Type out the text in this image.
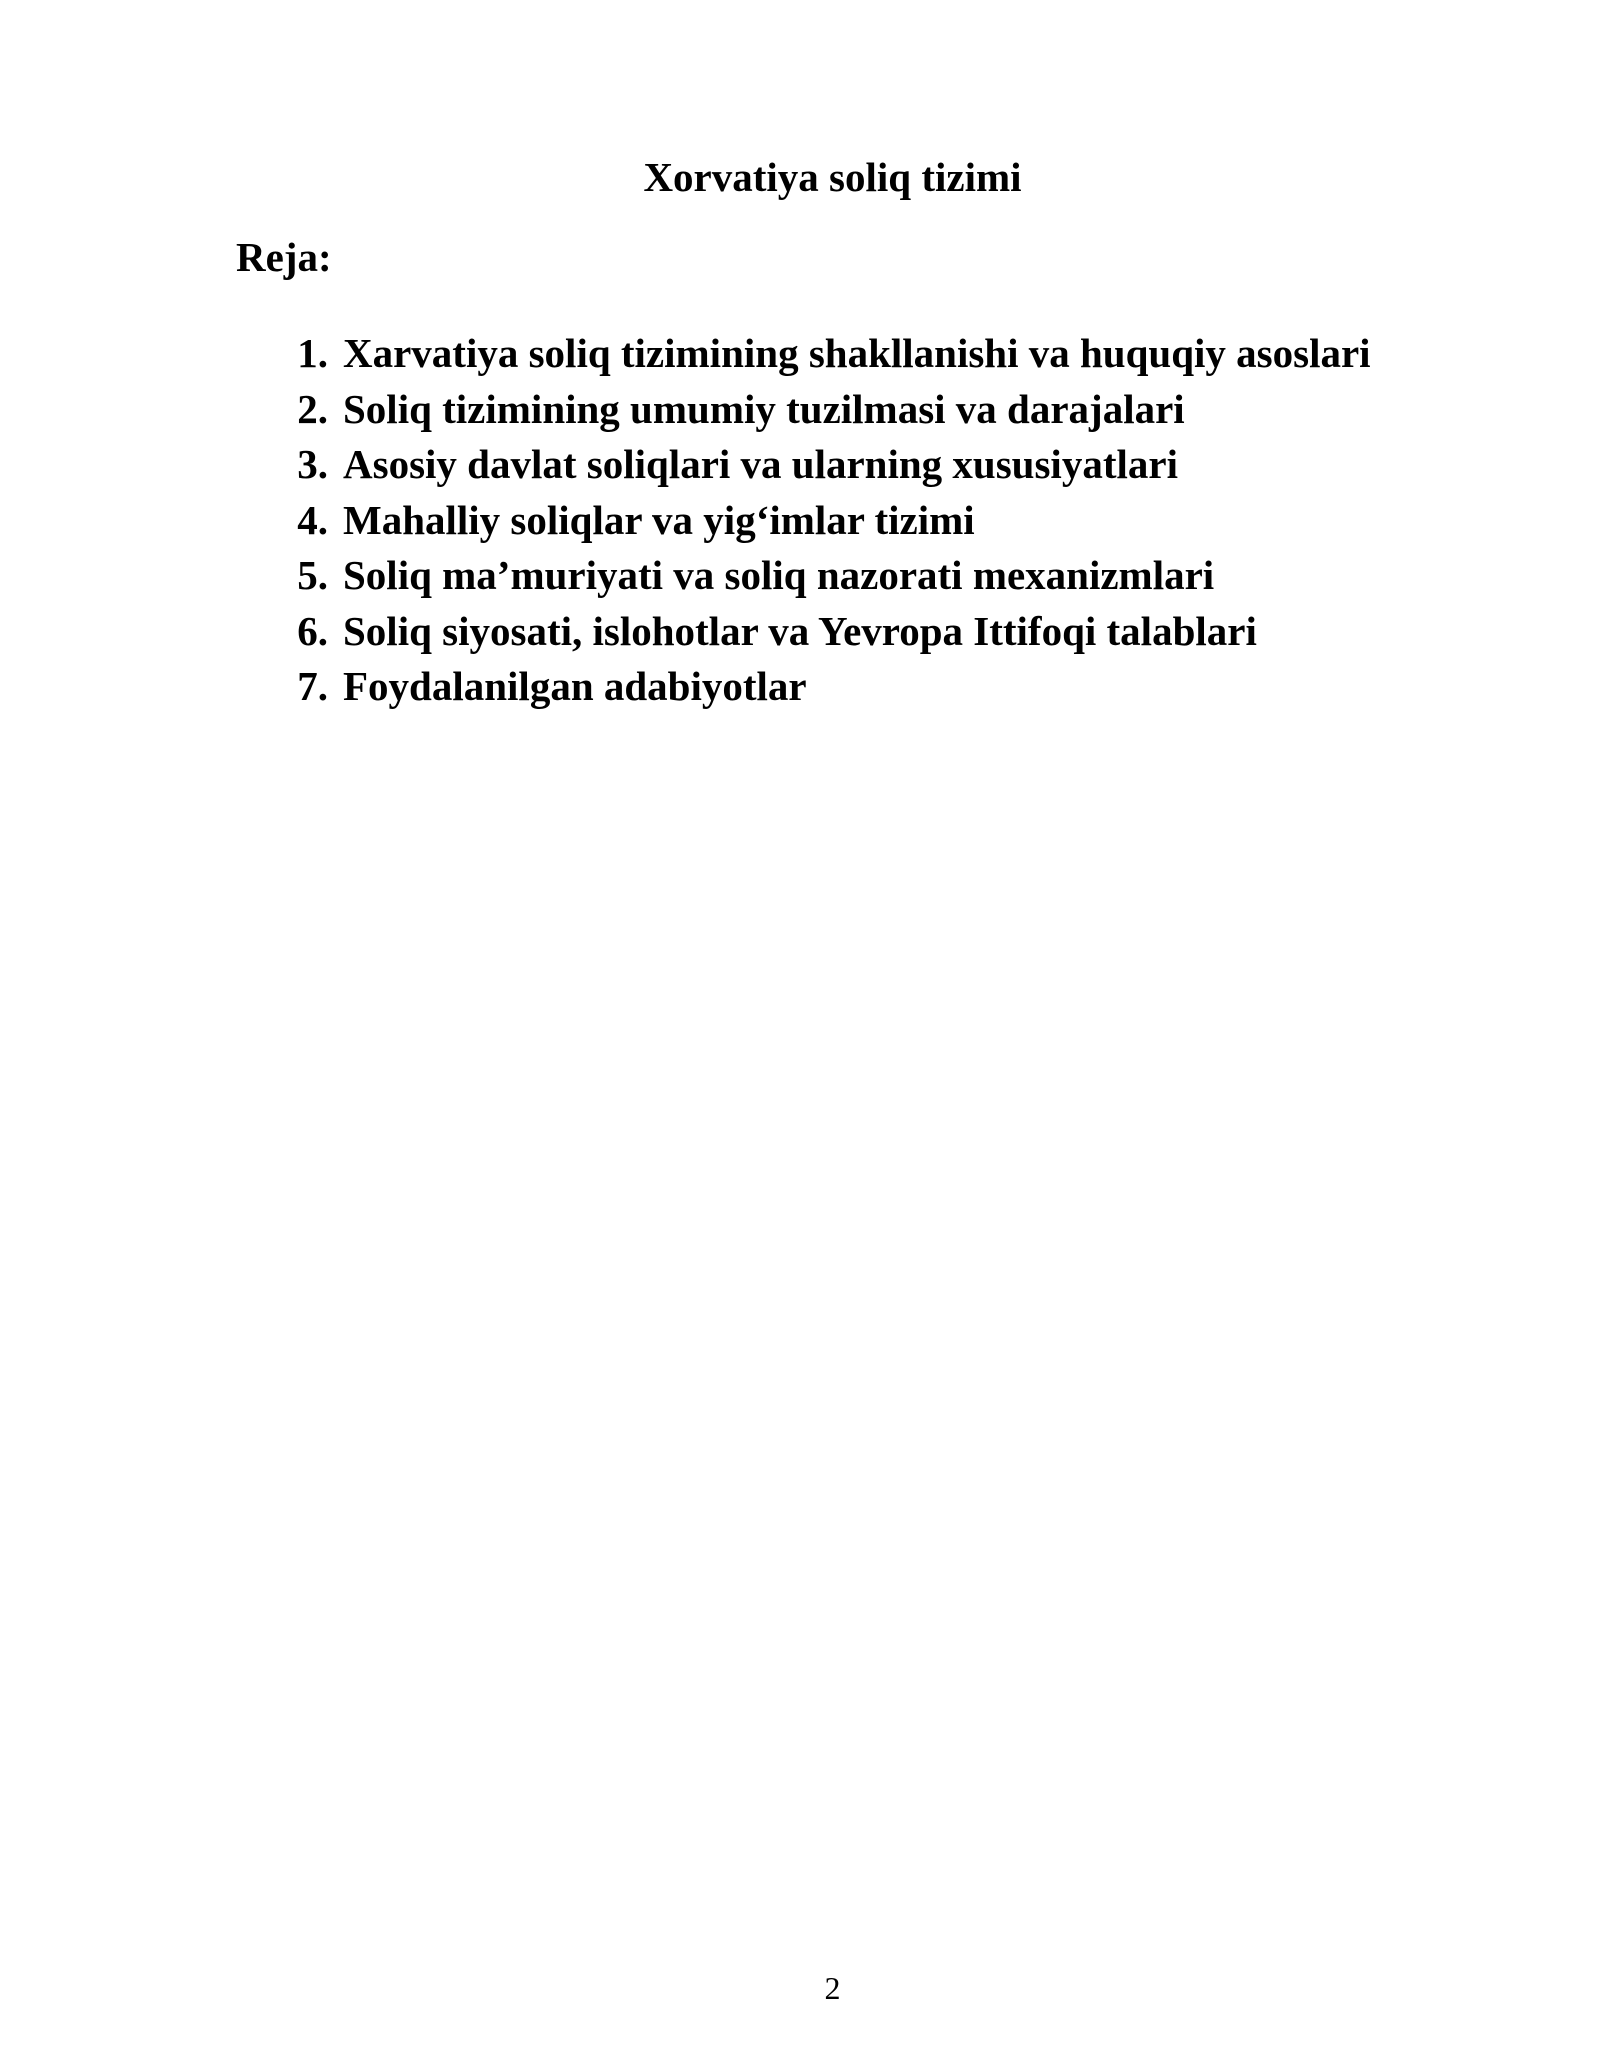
Xorvatiya soliq tizimi
Reja:
1. Xarvatiya soliq tizimining shakllanishi va huquqiy asoslari
2. Soliq tizimining umumiy tuzilmasi va darajalari
3. Asosiy davlat soliqlari va ularning xususiyatlari
4. Mahalliy soliqlar va yig‘imlar tizimi
5. Soliq ma’muriyati va soliq nazorati mexanizmlari
6. Soliq siyosati, islohotlar va Yevropa Ittifoqi talablari
7. Foydalanilgan adabiyotlar
2
